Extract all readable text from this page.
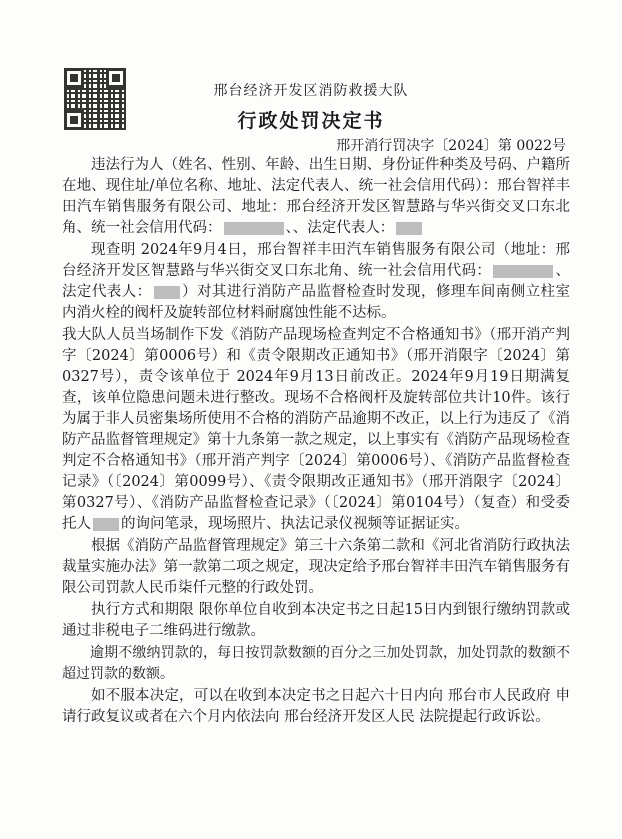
邢台经济开发区消防救援大队
行政处罚决定书
邢开消行罚决字〔2024〕第 0022号

违法行为人（姓名、性别、年龄、出生日期、身份证件种类及号码、户籍所在地、现住址/单位名称、地址、法定代表人、统一社会信用代码）：邢台智祥丰田汽车销售服务有限公司、地址：邢台经济开发区智慧路与华兴街交叉口东北角、统一社会信用代码：	、、法定代表人：

现查明 2024年9月4日，邢台智祥丰田汽车销售服务有限公司（地址：邢台经济开发区智慧路与华兴街交叉口东北角、统一社会信用代码：	、法定代表人： ）对其进行消防产品监督检查时发现，修理车间南侧立柱室内消火栓的阀杆及旋转部位材料耐腐蚀性能不达标。

我大队人员当场制作下发《消防产品现场检查判定不合格通知书》（邢开消产判字〔2024〕第0006号）和《责令限期改正通知书》（邢开消限字〔2024〕第0327号），责令该单位于 2024年9月13日前改正。2024年9月19日期满复查，该单位隐患问题未进行整改。现场不合格阀杆及旋转部位共计10件。该行为属于非人员密集场所使用不合格的消防产品逾期不改正，以上行为违反了《消防产品监督管理规定》第十九条第一款之规定，以上事实有《消防产品现场检查判定不合格通知书》（邢开消产判字〔2024〕第0006号）、《消防产品监督检查记录》（〔2024〕第0099号）、《责令限期改正通知书》（邢开消限字〔2024〕第0327号）、《消防产品监督检查记录》（〔2024〕第0104号）（复查）和受委托人 的询问笔录，现场照片、执法记录仪视频等证据证实。

根据《消防产品监督管理规定》第三十六条第二款和《河北省消防行政执法裁量实施办法》第一款第二项之规定，现决定给予邢台智祥丰田汽车销售服务有限公司罚款人民币柒仟元整的行政处罚。

执行方式和期限 限你单位自收到本决定书之日起15日内到银行缴纳罚款或通过非税电子二维码进行缴款。

逾期不缴纳罚款的，每日按罚款数额的百分之三加处罚款，加处罚款的数额不超过罚款的数额。

如不服本决定，可以在收到本决定书之日起六十日内向 邢台市人民政府 申请行政复议或者在六个月内依法向 邢台经济开发区人民 法院提起行政诉讼。
